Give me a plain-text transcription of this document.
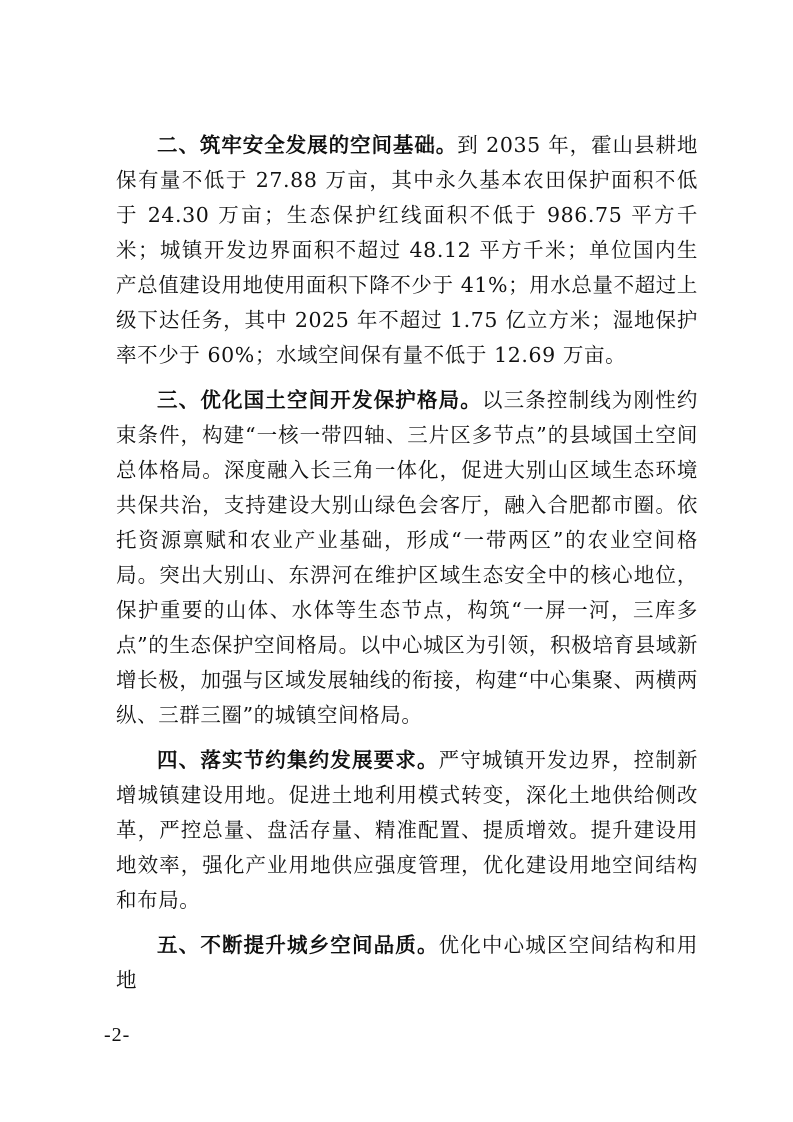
二、筑牢安全发展的空间基础。到 2035 年，霍山县耕地保有量不低于 27.88 万亩，其中永久基本农田保护面积不低于 24.30 万亩；生态保护红线面积不低于 986.75 平方千米；城镇开发边界面积不超过 48.12 平方千米；单位国内生产总值建设用地使用面积下降不少于 41%；用水总量不超过上级下达任务，其中 2025 年不超过 1.75 亿立方米；湿地保护率不少于 60%；水域空间保有量不低于 12.69 万亩。

三、优化国土空间开发保护格局。以三条控制线为刚性约束条件，构建“一核一带四轴、三片区多节点”的县域国土空间总体格局。深度融入长三角一体化，促进大别山区域生态环境共保共治，支持建设大别山绿色会客厅，融入合肥都市圈。依托资源禀赋和农业产业基础，形成“一带两区”的农业空间格局。突出大别山、东淠河在维护区域生态安全中的核心地位，保护重要的山体、水体等生态节点，构筑“一屏一河，三库多点”的生态保护空间格局。以中心城区为引领，积极培育县域新增长极，加强与区域发展轴线的衔接，构建“中心集聚、两横两纵、三群三圈”的城镇空间格局。

四、落实节约集约发展要求。严守城镇开发边界，控制新增城镇建设用地。促进土地利用模式转变，深化土地供给侧改革，严控总量、盘活存量、精准配置、提质增效。提升建设用地效率，强化产业用地供应强度管理，优化建设用地空间结构和布局。

五、不断提升城乡空间品质。优化中心城区空间结构和用地

-2-
